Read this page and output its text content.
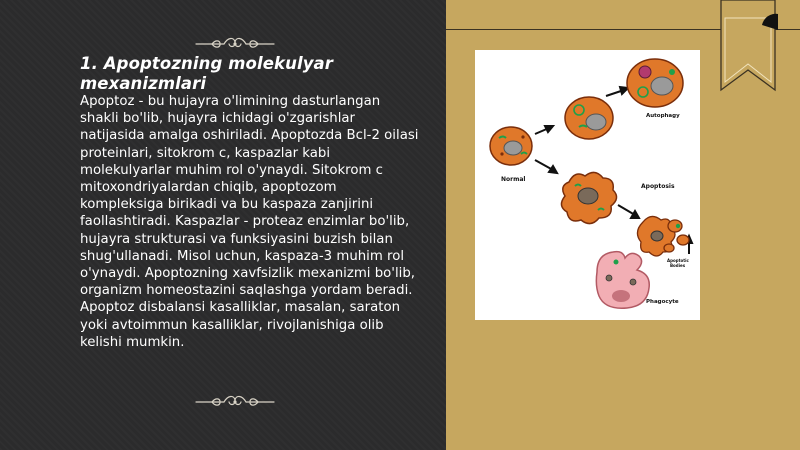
1. Apoptozning molekulyar mexanizmlari
Apoptoz - bu hujayra o'limining dasturlangan shakli bo'lib, hujayra ichidagi o'zgarishlar natijasida amalga oshiriladi. Apoptozda Bcl-2 oilasi proteinlari, sitokrom c, kaspazlar kabi molekulyarlar muhim rol o'ynaydi. Sitokrom c mitoxondriyalardan chiqib, apoptozom kompleksiga birikadi va bu kaspaza zanjirini faollashtiradi. Kaspazlar - proteaz enzimlar bo'lib, hujayra strukturasi va funksiyasini buzish bilan shug'ullanadi. Misol uchun, kaspaza-3 muhim rol o'ynaydi. Apoptozning xavfsizlik mexanizmi bo'lib, organizm homeostazini saqlashga yordam beradi. Apoptoz disbalansi kasalliklar, masalan, saraton yoki avtoimmun kasalliklar, rivojlanishiga olib kelishi mumkin.
Normal
Autophagy
Apoptosis
Apoptotic
Bodies
Phagocyte
